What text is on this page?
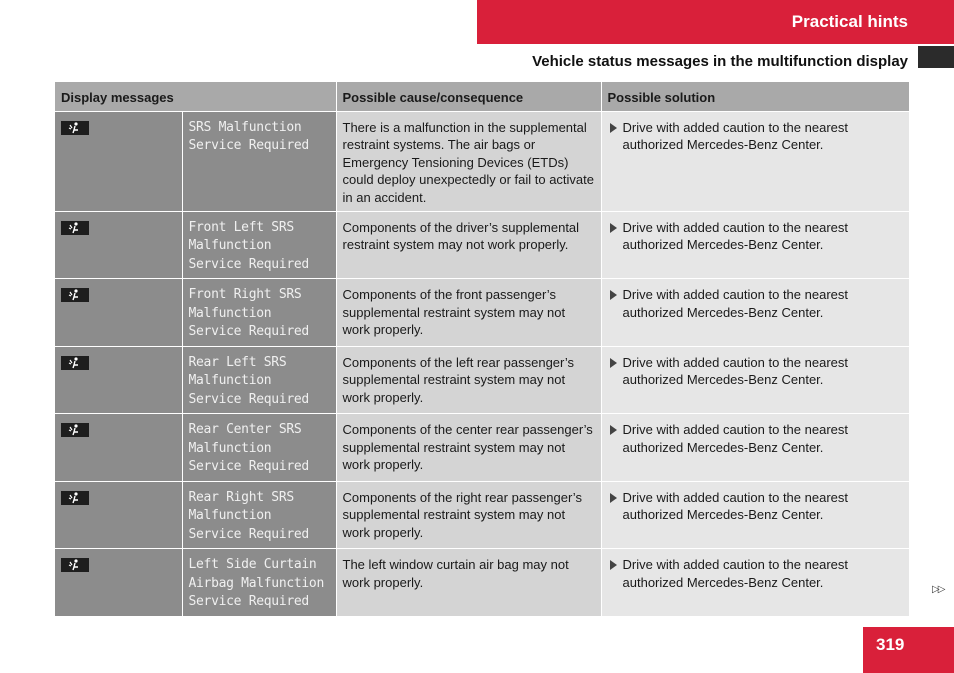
Practical hints
Vehicle status messages in the multifunction display
Display messages		Possible cause/consequence	Possible solution

	SRS Malfunction
Service Required	There is a malfunction in the supplemental restraint systems. The air bags or Emergency Tensioning Devices (ETDs) could deploy unexpectedly or fail to activate in an accident.	Drive with added caution to the nearest authorized Mercedes-Benz Center.

	Front Left SRS
Malfunction
Service Required	Components of the driver’s supplemental restraint system may not work properly.	Drive with added caution to the nearest authorized Mercedes-Benz Center.

	Front Right SRS
Malfunction
Service Required	Components of the front passenger’s supplemental restraint system may not work properly.	Drive with added caution to the nearest authorized Mercedes-Benz Center.

	Rear Left SRS
Malfunction
Service Required	Components of the left rear passenger’s supplemental restraint system may not work properly.	Drive with added caution to the nearest authorized Mercedes-Benz Center.

	Rear Center SRS
Malfunction
Service Required	Components of the center rear passenger’s supplemental restraint system may not work properly.	Drive with added caution to the nearest authorized Mercedes-Benz Center.

	Rear Right SRS
Malfunction
Service Required	Components of the right rear passenger’s supplemental restraint system may not work properly.	Drive with added caution to the nearest authorized Mercedes-Benz Center.

	Left Side Curtain
Airbag Malfunction
Service Required	The left window curtain air bag may not work properly.	Drive with added caution to the nearest authorized Mercedes-Benz Center.	▷▷
319
